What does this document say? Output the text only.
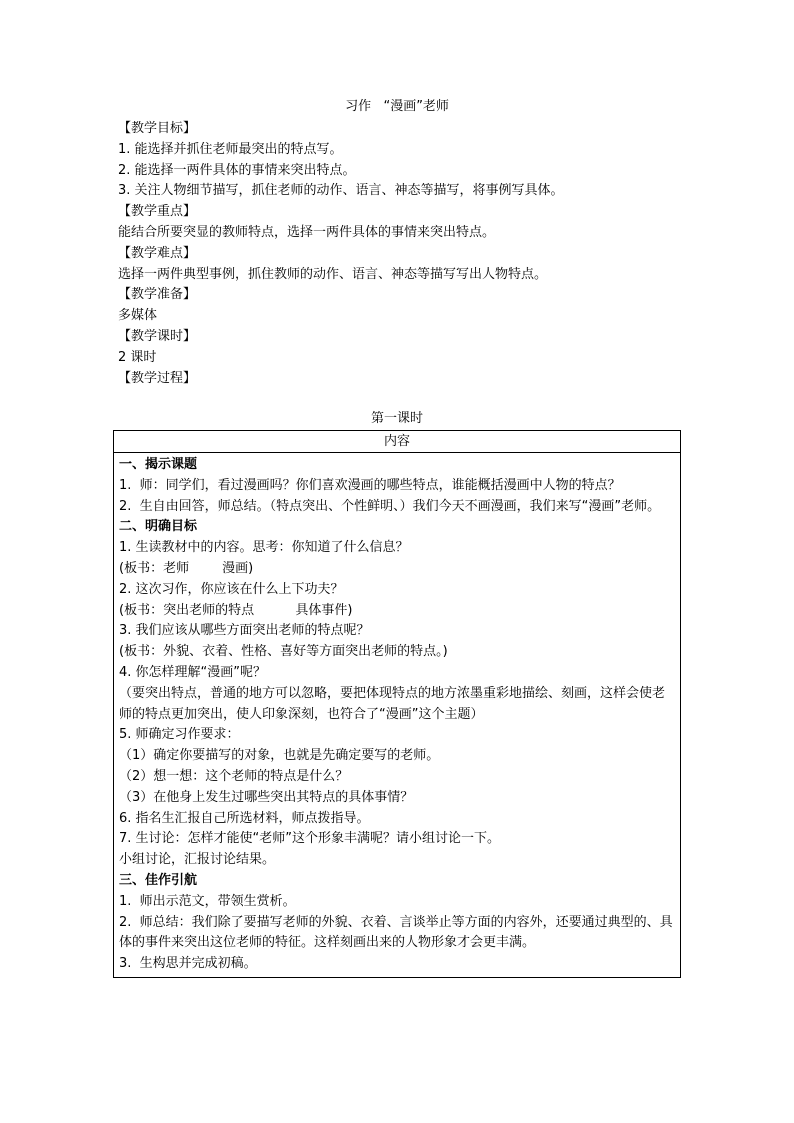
习作   “漫画”老师
【教学目标】
1. 能选择并抓住老师最突出的特点写。
2. 能选择一两件具体的事情来突出特点。
3. 关注人物细节描写，抓住老师的动作、语言、神态等描写，将事例写具体。
【教学重点】
能结合所要突显的教师特点，选择一两件具体的事情来突出特点。
【教学难点】
选择一两件典型事例，抓住教师的动作、语言、神态等描写写出人物特点。
【教学准备】
多媒体
【教学课时】
2 课时
【教学过程】
第一课时
内容
一、揭示课题
1.  师：同学们，看过漫画吗？你们喜欢漫画的哪些特点，谁能概括漫画中人物的特点？
2.  生自由回答，师总结。（特点突出、个性鲜明、）我们今天不画漫画，我们来写“漫画”老师。
二、明确目标
1. 生读教材中的内容。思考：你知道了什么信息？
(板书：老师        漫画)
2. 这次习作，你应该在什么上下功夫？
(板书：突出老师的特点          具体事件)
3. 我们应该从哪些方面突出老师的特点呢？
(板书：外貌、衣着、性格、喜好等方面突出老师的特点。)
4. 你怎样理解“漫画”呢？
（要突出特点，普通的地方可以忽略，要把体现特点的地方浓墨重彩地描绘、刻画，这样会使老师的特点更加突出，使人印象深刻，也符合了“漫画”这个主题）
5. 师确定习作要求：
（1）确定你要描写的对象，也就是先确定要写的老师。
（2）想一想：这个老师的特点是什么？
（3）在他身上发生过哪些突出其特点的具体事情？
6. 指名生汇报自己所选材料，师点拨指导。
7. 生讨论：怎样才能使“老师”这个形象丰满呢？请小组讨论一下。
小组讨论，汇报讨论结果。
三、佳作引航
1.  师出示范文，带领生赏析。
2.  师总结：我们除了要描写老师的外貌、衣着、言谈举止等方面的内容外，还要通过典型的、具体的事件来突出这位老师的特征。这样刻画出来的人物形象才会更丰满。
3.  生构思并完成初稿。
